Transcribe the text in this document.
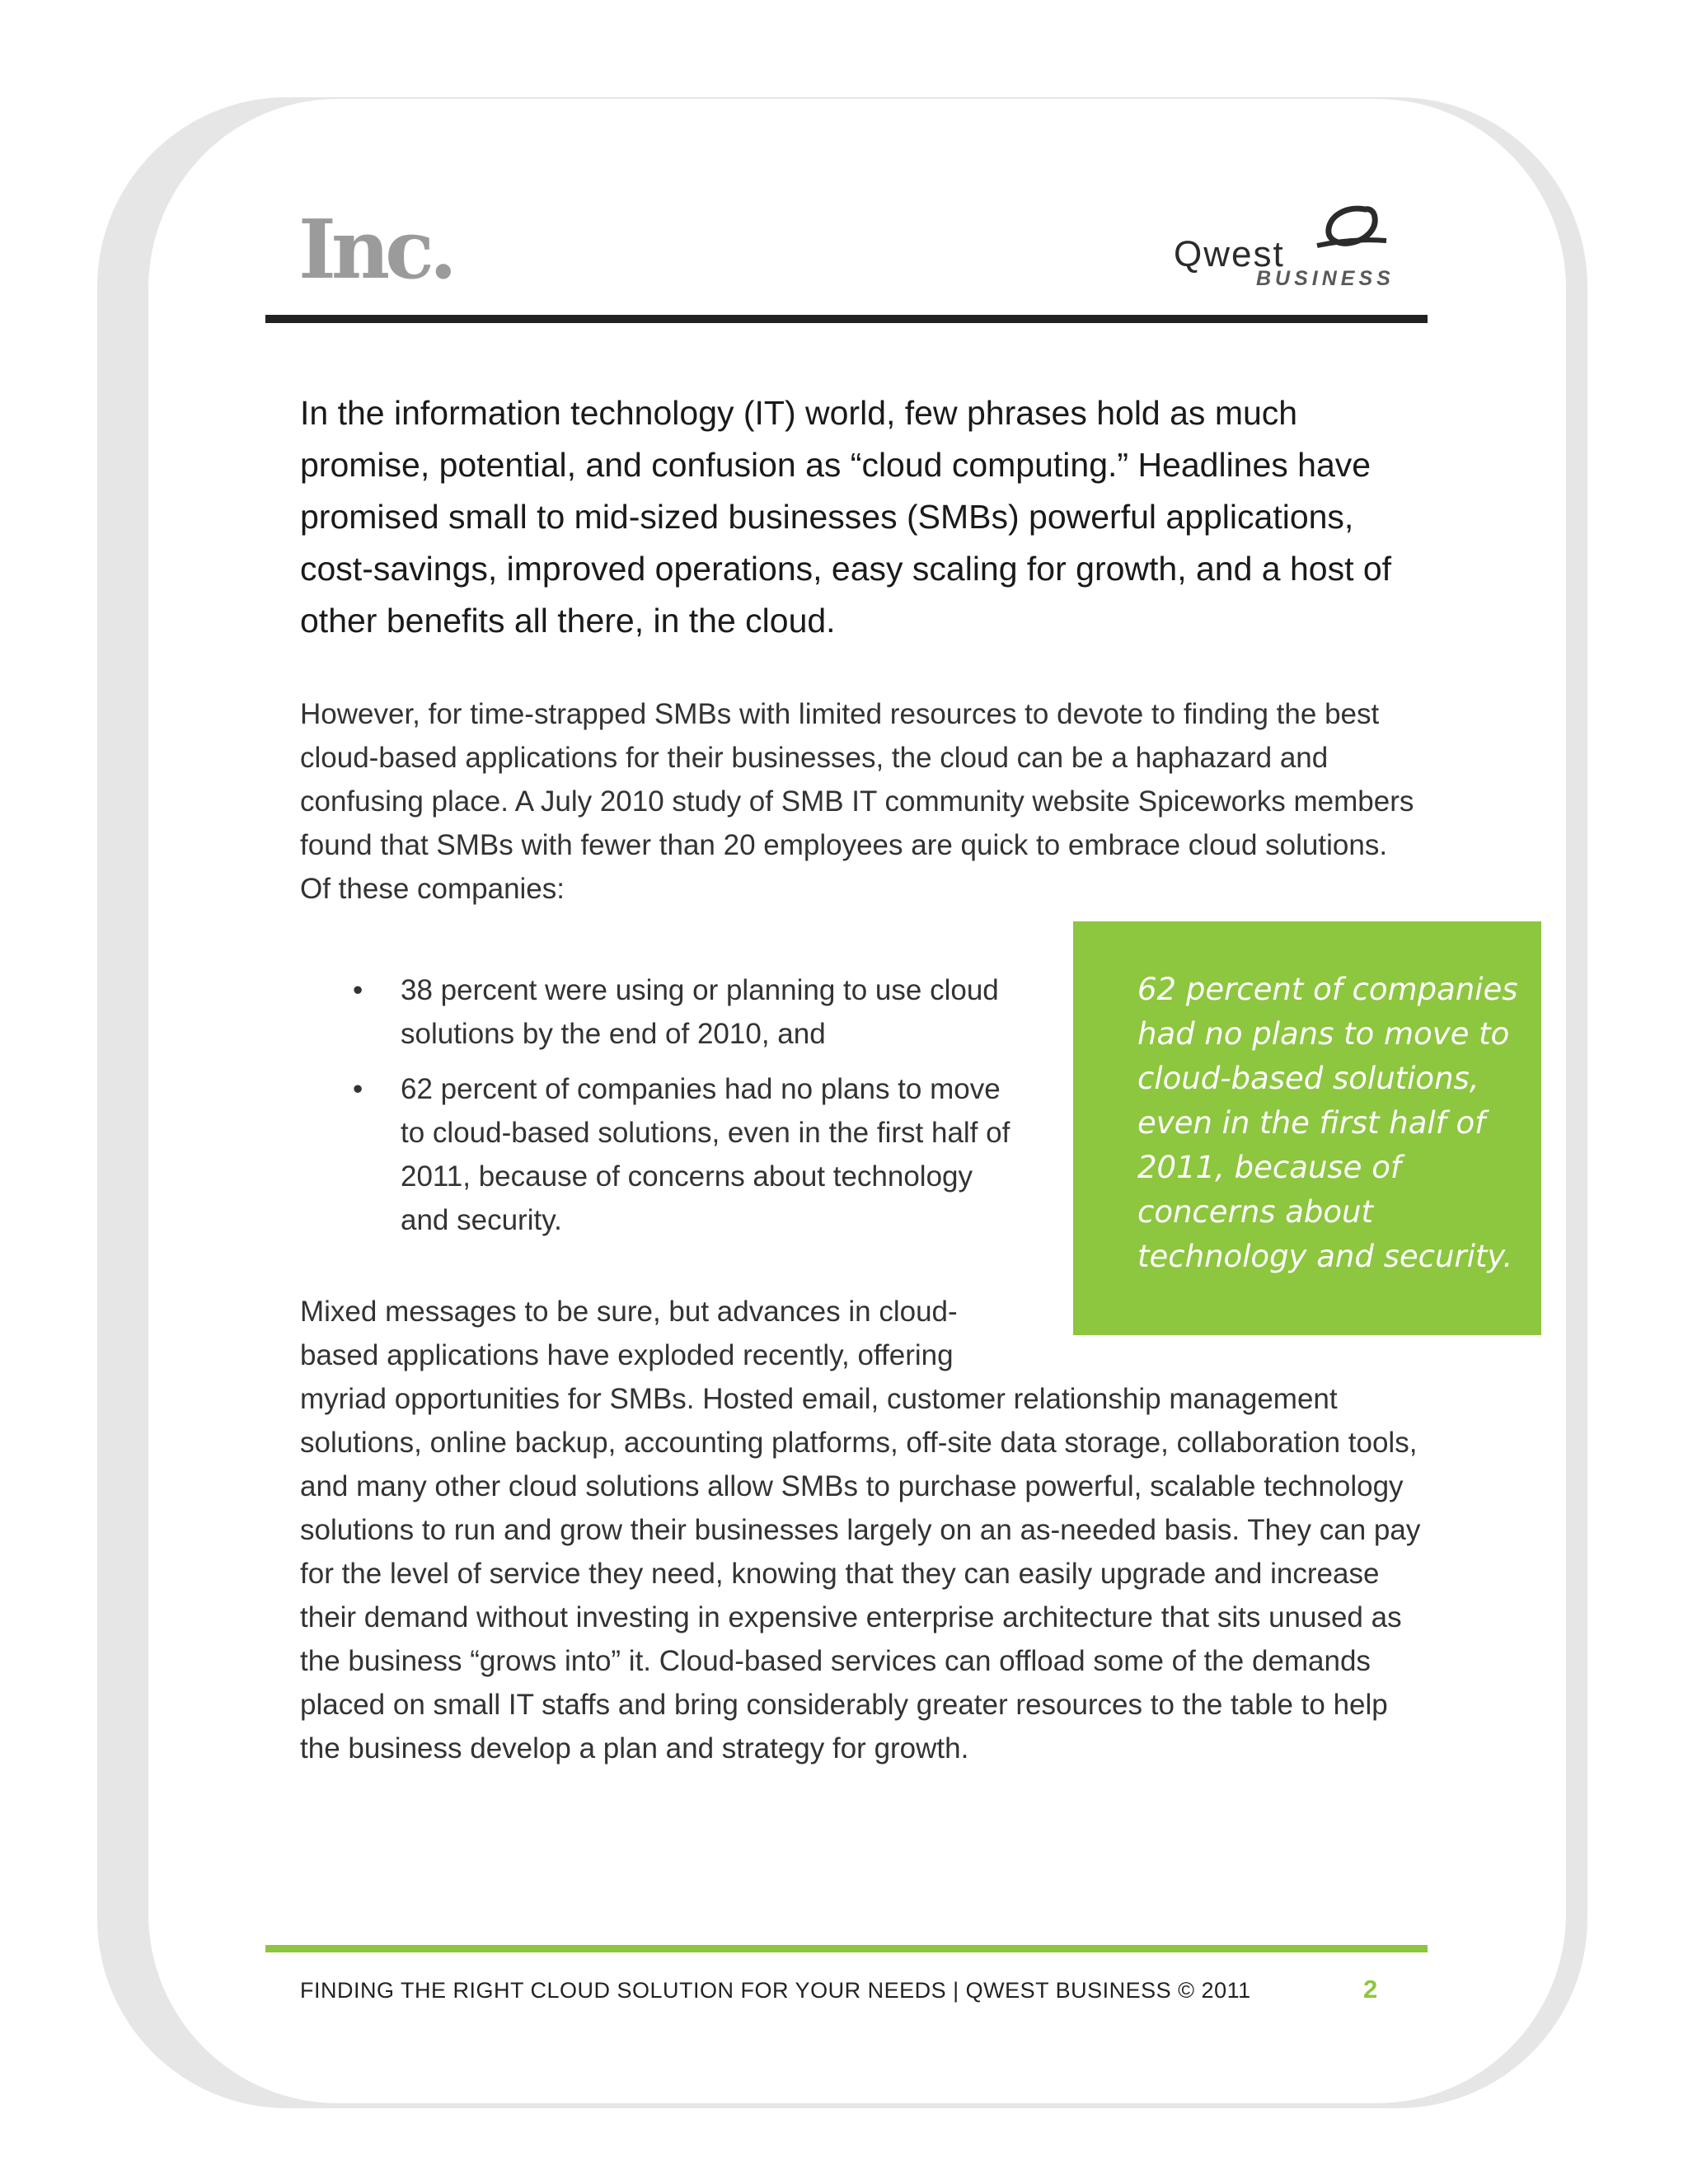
Inc.	Qwest
BUSINESS

In the information technology (IT) world, few phrases hold as much promise, potential, and confusion as “cloud computing.” Headlines have promised small to mid-sized businesses (SMBs) powerful applications, cost-savings, improved operations, easy scaling for growth, and a host of other benefits all there, in the cloud.

However, for time-strapped SMBs with limited resources to devote to finding the best cloud-based applications for their businesses, the cloud can be a haphazard and confusing place. A July 2010 study of SMB IT community website Spiceworks members found that SMBs with fewer than 20 employees are quick to embrace cloud solutions. Of these companies:

• 38 percent were using or planning to use cloud solutions by the end of 2010, and
• 62 percent of companies had no plans to move to cloud-based solutions, even in the first half of 2011, because of concerns about technology and security.

62 percent of companies had no plans to move to cloud-based solutions, even in the first half of 2011, because of concerns about technology and security.

Mixed messages to be sure, but advances in cloud-
based applications have exploded recently, offering
myriad opportunities for SMBs. Hosted email, customer relationship management solutions, online backup, accounting platforms, off-site data storage, collaboration tools, and many other cloud solutions allow SMBs to purchase powerful, scalable technology solutions to run and grow their businesses largely on an as-needed basis. They can pay for the level of service they need, knowing that they can easily upgrade and increase their demand without investing in expensive enterprise architecture that sits unused as the business “grows into” it. Cloud-based services can offload some of the demands placed on small IT staffs and bring considerably greater resources to the table to help the business develop a plan and strategy for growth.

FINDING THE RIGHT CLOUD SOLUTION FOR YOUR NEEDS | QWEST BUSINESS © 2011	2
